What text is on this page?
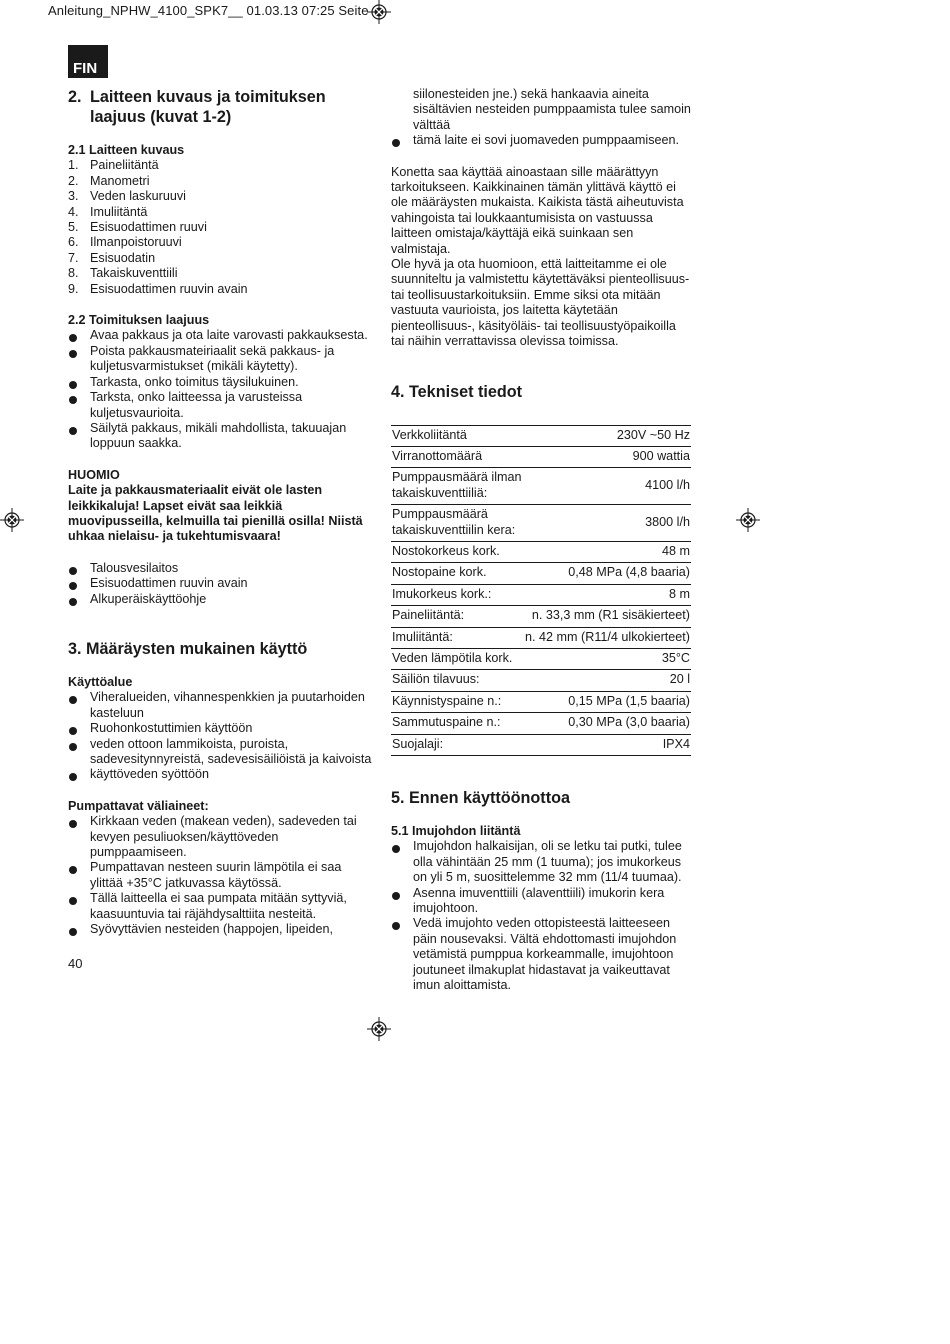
Anleitung_NPHW_4100_SPK7__ 01.03.13 07:25 Seite
FIN
2. Laitteen kuvaus ja toimituksen laajuus (kuvat 1-2)
2.1 Laitteen kuvaus
1. Paineliitäntä
2. Manometri
3. Veden laskuruuvi
4. Imuliitäntä
5. Esisuodattimen ruuvi
6. Ilmanpoistoruuvi
7. Esisuodatin
8. Takaiskuventtiili
9. Esisuodattimen ruuvin avain
2.2 Toimituksen laajuus
Avaa pakkaus ja ota laite varovasti pakkauksesta.
Poista pakkausmateiriaalit sekä pakkaus- ja kuljetusvarmistukset (mikäli käytetty).
Tarkasta, onko toimitus täysilukuinen.
Tarksta, onko laitteessa ja varusteissa kuljetusvaurioita.
Säilytä pakkaus, mikäli mahdollista, takuuajan loppuun saakka.

HUOMIO

Laite ja pakkausmateriaalit eivät ole lasten leikkikaluja! Lapset eivät saa leikkiä muovipusseilla, kelmuilla tai pienillä osilla! Niistä uhkaa nielaisu- ja tukehtumisvaara!

Talousvesilaitos
Esisuodattimen ruuvin avain
Alkuperäiskäyttöohje
3. Määräysten mukainen käyttö
Käyttöalue
Viheralueiden, vihannespenkkien ja puutarhoiden kasteluun
Ruohonkostuttimien käyttöön
veden ottoon lammikoista, puroista, sadevesitynnyreistä, sadevesisäiliöistä ja kaivoista
käyttöveden syöttöön
Pumpattavat väliaineet:
Kirkkaan veden (makean veden), sadeveden tai kevyen pesuliuoksen/käyttöveden pumppaamiseen.
Pumpattavan nesteen suurin lämpötila ei saa ylittää +35°C jatkuvassa käytössä.
Tällä laitteella ei saa pumpata mitään syttyviä, kaasuuntuvia tai räjähdysalttiita nesteitä.
Syövyttävien nesteiden (happojen, lipeiden,
siilonesteiden jne.) sekä hankaavia aineita sisältävien nesteiden pumppaamista tulee samoin välttää
tämä laite ei sovi juomaveden pumppaamiseen.

Konetta saa käyttää ainoastaan sille määrättyyn tarkoitukseen. Kaikkinainen tämän ylittävä käyttö ei ole määräysten mukaista. Kaikista tästä aiheutuvista vahingoista tai loukkaantumisista on vastuussa laitteen omistaja/käyttäjä eikä suinkaan sen valmistaja.

Ole hyvä ja ota huomioon, että laitteitamme ei ole suunniteltu ja valmistettu käytettäväksi pienteollisuus- tai teollisuustarkoituksiin. Emme siksi ota mitään vastuuta vaurioista, jos laitetta käytetään pienteollisuus-, käsityöläis- tai teollisuustyöpaikoilla tai näihin verrattavissa olevissa toimissa.

4. Tekniset tiedot
Verkkoliitäntä	230V ~50 Hz
Virranottomäärä	900 wattia
Pumppausmäärä ilman takaiskuventtiiliä:	4100 l/h
Pumppausmäärä takaiskuventtiilin kera:	3800 l/h
Nostokorkeus kork.	48 m
Nostopaine kork.	0,48 MPa (4,8 baaria)
Imukorkeus kork.:	8 m
Paineliitäntä:	n. 33,3 mm (R1 sisäkierteet)
Imuliitäntä:	n. 42 mm (R11/4 ulkokierteet)
Veden lämpötila kork.	35°C
Säiliön tilavuus:	20 l
Käynnistyspaine n.:	0,15 MPa (1,5 baaria)
Sammutuspaine n.:	0,30 MPa (3,0 baaria)
Suojalaji:	IPX4
5. Ennen käyttöönottoa
5.1 Imujohdon liitäntä
Imujohdon halkaisijan, oli se letku tai putki, tulee olla vähintään 25 mm (1 tuuma); jos imukorkeus on yli 5 m, suosittelemme 32 mm (11/4 tuumaa).
Asenna imuventtiili (alaventtiili) imukorin kera imujohtoon.
Vedä imujohto veden ottopisteestä laitteeseen päin nousevaksi. Vältä ehdottomasti imujohdon vetämistä pumppua korkeammalle, imujohtoon joutuneet ilmakuplat hidastavat ja vaikeuttavat imun aloittamista.
40
